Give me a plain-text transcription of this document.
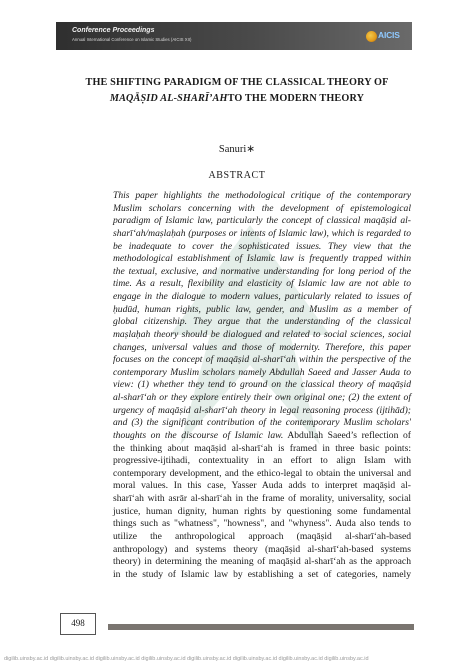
Conference Proceedings
Annual International Conference on Islamic Studies (AICIS XII)	AICIS
THE SHIFTING PARADIGM OF THE CLASSICAL THEORY OF
MAQĀṢID AL-SHARĪ’AHTO THE MODERN THEORY
Sanuri∗
ABSTRACT
This paper highlights the methodological critique of the contemporary
Muslim scholars concerning with the development of epistemological
paradigm of Islamic law, particularly the concept of classical maqāṣid al-
sharī‘ah/maṣlaḥah (purposes or intents of Islamic law), which is regarded to
be inadequate to cover the sophisticated issues. They view that the
methodological establishment of Islamic law is frequently trapped within
the textual, exclusive, and normative understanding for long period of the
time. As a result, flexibility and elasticity of Islamic law are not able to
engage in the dialogue to modern values, particularly related to issues of
ḥudūd, human rights, public law, gender, and Muslim as a member of
global citizenship. They argue that the understanding of the classical
maṣlaḥah theory should be dialogued and related to social sciences, social
changes, universal values and those of modernity. Therefore, this paper
focuses on the concept of maqāṣid al-sharī‘ah within the perspective of the
contemporary Muslim scholars namely Abdullah Saeed and Jasser Auda to
view: (1) whether they tend to ground on the classical theory of maqāṣid
al-sharī‘ah or they explore entirely their own original one; (2) the extent of
urgency of maqāṣid al-sharī‘ah theory in legal reasoning process (ijtihād);
and (3) the significant contribution of the contemporary Muslim scholars'
thoughts on the discourse of Islamic law. Abdullah Saeed’s reflection of
the thinking about maqāṣid al-sharī‘ah is framed in three basic points:
progressive-ijtihadi, contextuality in an effort to align Islam with
contemporary development, and the ethico-legal to obtain the universal and
moral values. In this case, Yasser Auda adds to interpret maqāṣid al-
sharī‘ah with asrār al-sharī‘ah in the frame of morality, universality, social
justice, human dignity, human rights by questioning some fundamental
things such as "whatness", "howness", and "whyness". Auda also tends to
utilize the anthropological approach (maqāṣid al-sharī‘ah-based
anthropology) and systems theory (maqāṣid al-sharī‘ah-based systems
theory) in determining the meaning of maqāṣid al-sharī‘ah as the approach
in the study of Islamic law by establishing a set of categories, namely
498
digilib.uinsby.ac.id digilib.uinsby.ac.id digilib.uinsby.ac.id digilib.uinsby.ac.id digilib.uinsby.ac.id digilib.uinsby.ac.id digilib.uinsby.ac.id digilib.uinsby.ac.id
